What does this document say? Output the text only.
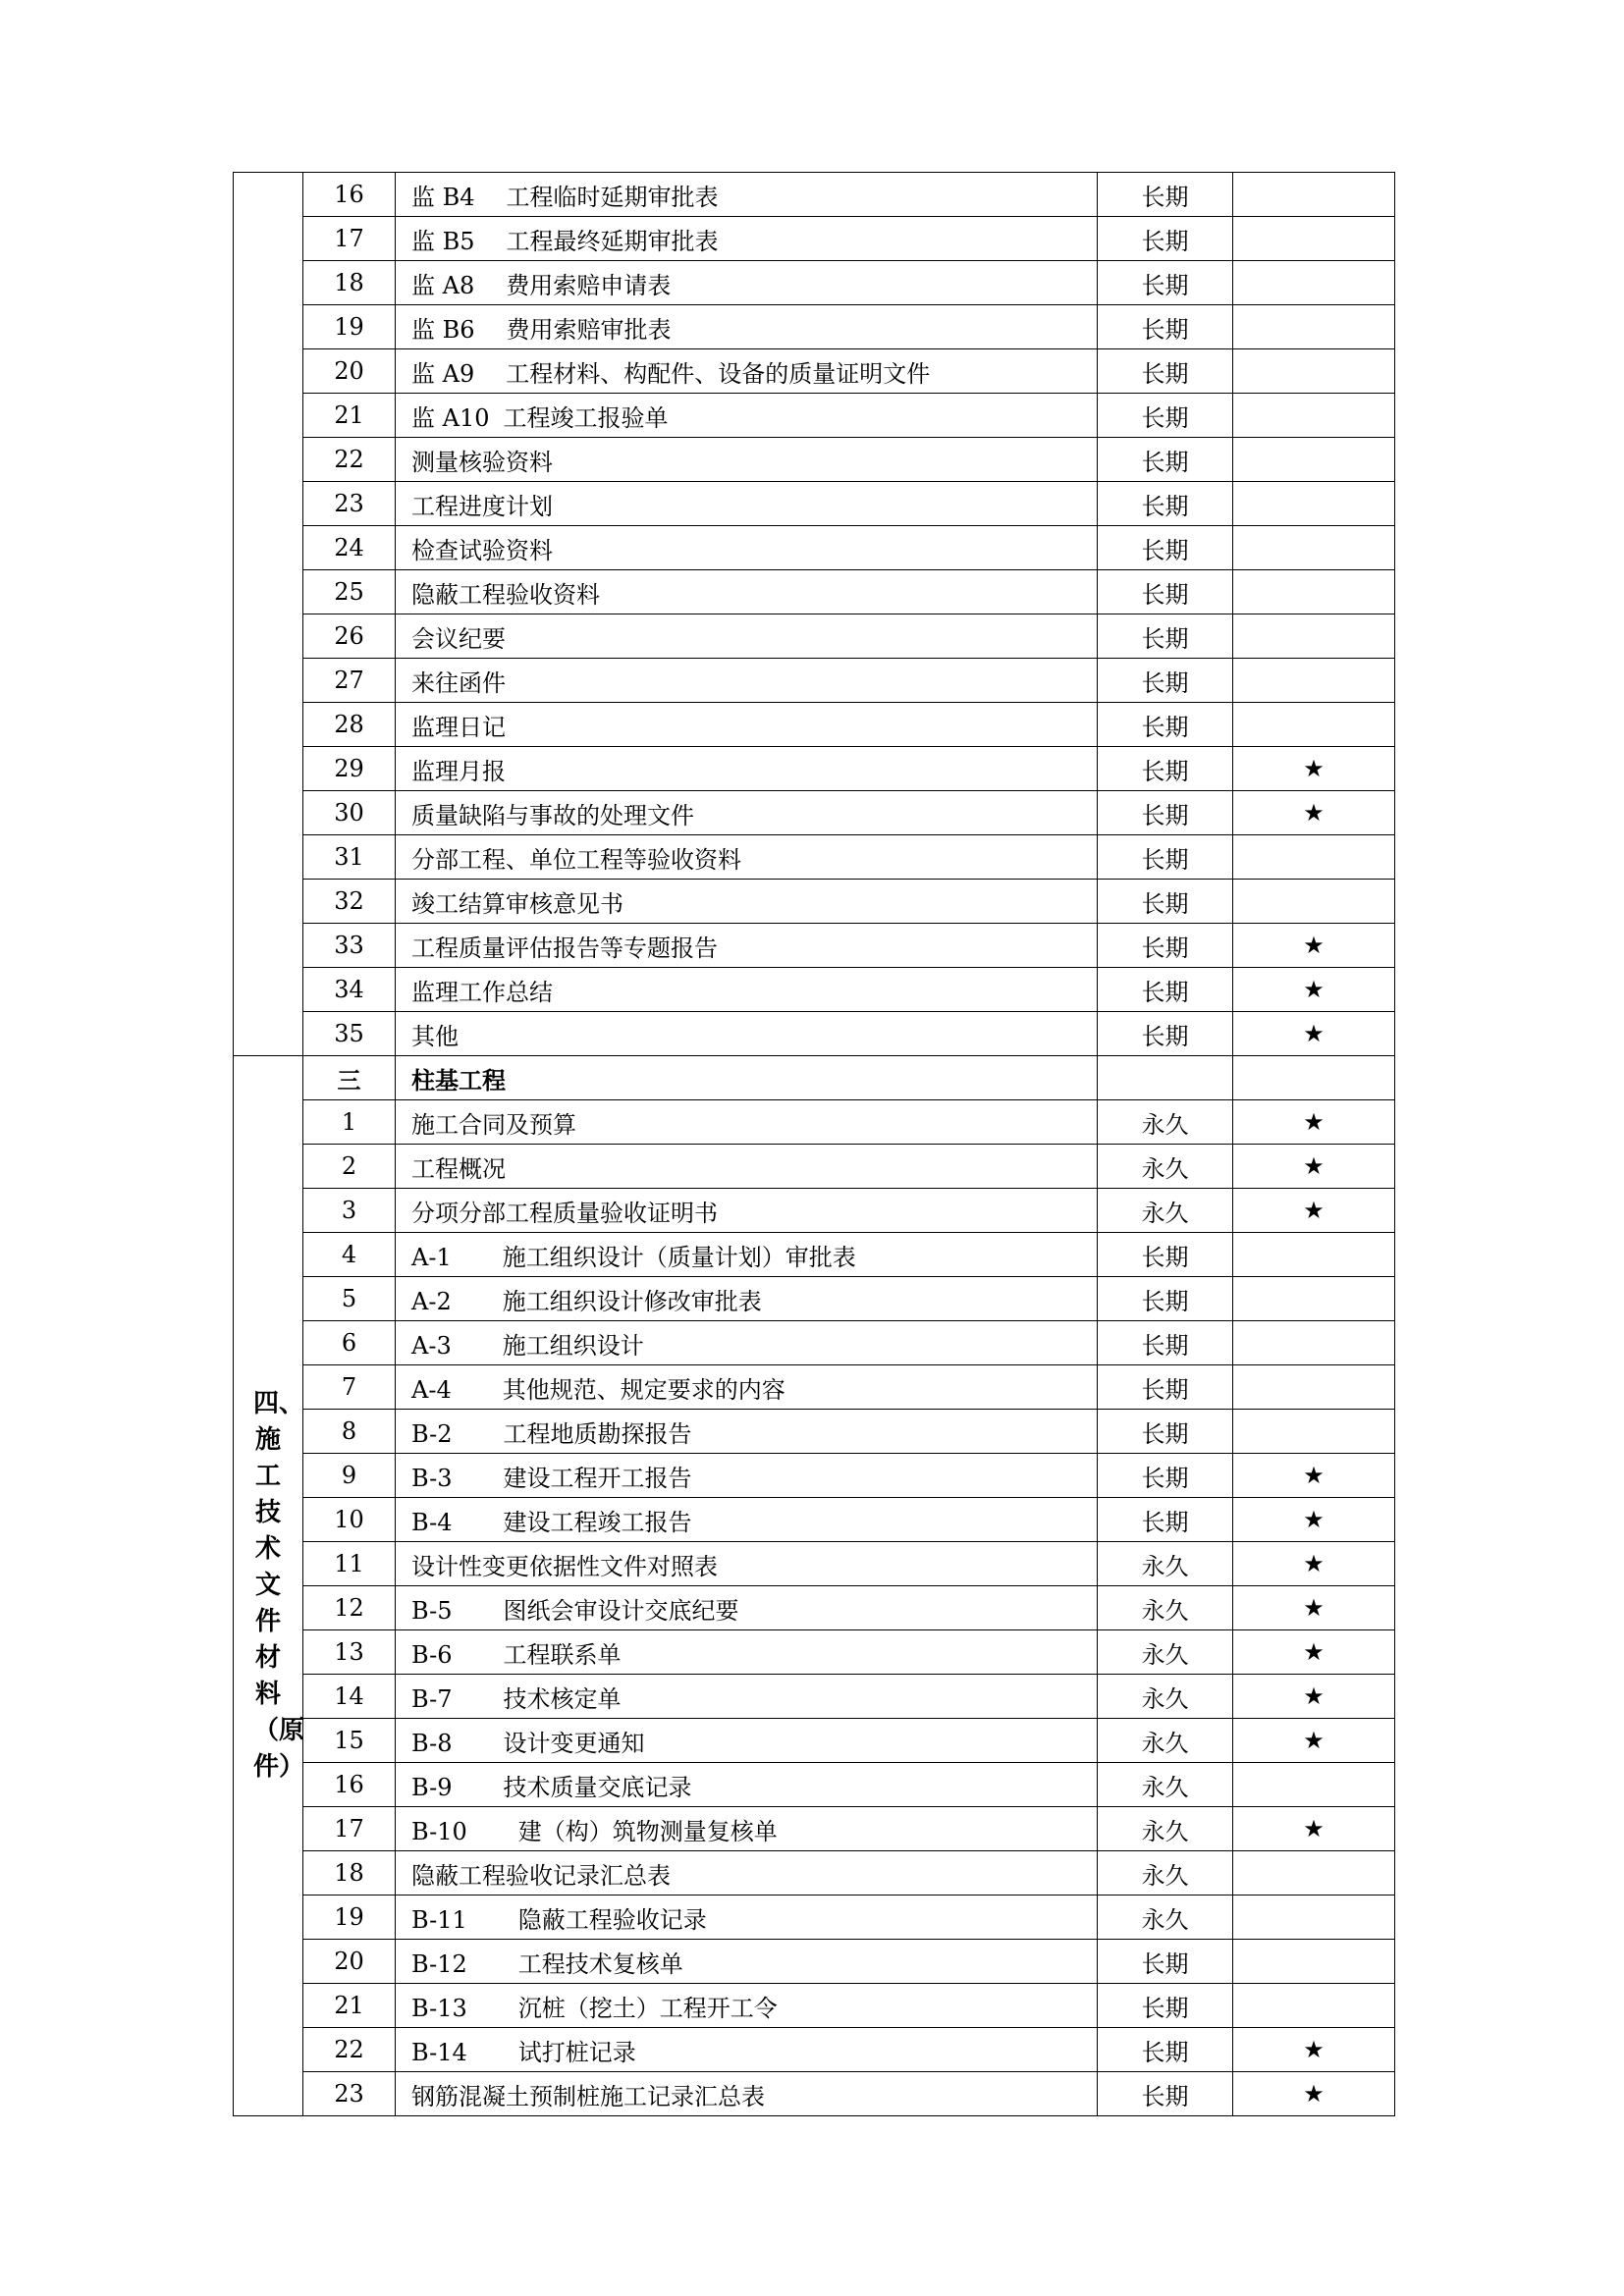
	16	监 B4 工程临时延期审批表	长期	
	17	监 B5 工程最终延期审批表	长期	
	18	监 A8 费用索赔申请表	长期	
	19	监 B6 费用索赔审批表	长期	
	20	监 A9 工程材料、构配件、设备的质量证明文件	长期	
	21	监 A10 工程竣工报验单	长期	
	22	测量核验资料	长期	
	23	工程进度计划	长期	
	24	检查试验资料	长期	
	25	隐蔽工程验收资料	长期	
	26	会议纪要	长期	
	27	来往函件	长期	
	28	监理日记	长期	
	29	监理月报	长期	★
	30	质量缺陷与事故的处理文件	长期	★
	31	分部工程、单位工程等验收资料	长期	
	32	竣工结算审核意见书	长期	
	33	工程质量评估报告等专题报告	长期	★
	34	监理工作总结	长期	★
	35	其他	长期	★
四、施工技术文件材料（原件）	三	柱基工程		
	1	施工合同及预算	永久	★
	2	工程概况	永久	★
	3	分项分部工程质量验收证明书	永久	★
	4	A-1 施工组织设计（质量计划）审批表	长期	
	5	A-2 施工组织设计修改审批表	长期	
	6	A-3 施工组织设计	长期	
	7	A-4 其他规范、规定要求的内容	长期	
	8	B-2 工程地质勘探报告	长期	
	9	B-3 建设工程开工报告	长期	★
	10	B-4 建设工程竣工报告	长期	★
	11	设计性变更依据性文件对照表	永久	★
	12	B-5 图纸会审设计交底纪要	永久	★
	13	B-6 工程联系单	永久	★
	14	B-7 技术核定单	永久	★
	15	B-8 设计变更通知	永久	★
	16	B-9 技术质量交底记录	永久	
	17	B-10 建（构）筑物测量复核单	永久	★
	18	隐蔽工程验收记录汇总表	永久	
	19	B-11 隐蔽工程验收记录	永久	
	20	B-12 工程技术复核单	长期	
	21	B-13 沉桩（挖土）工程开工令	长期	
	22	B-14 试打桩记录	长期	★
	23	钢筋混凝土预制桩施工记录汇总表	长期	★
